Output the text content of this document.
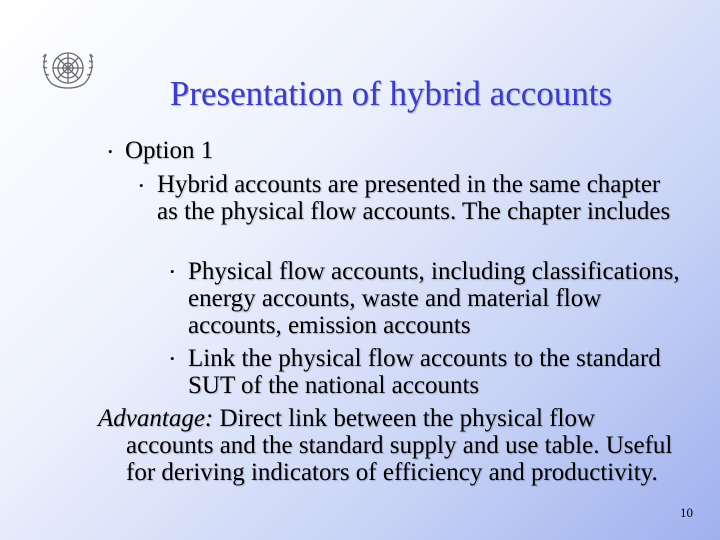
Presentation of hybrid accounts
• Option 1
• Hybrid accounts are presented in the same chapter as the physical flow accounts. The chapter includes
• Physical flow accounts, including classifications, energy accounts, waste and material flow accounts, emission accounts
• Link the physical flow accounts to the standard SUT of the national accounts
Advantage: Direct link between the physical flow accounts and the standard supply and use table. Useful for deriving indicators of efficiency and productivity.
10
